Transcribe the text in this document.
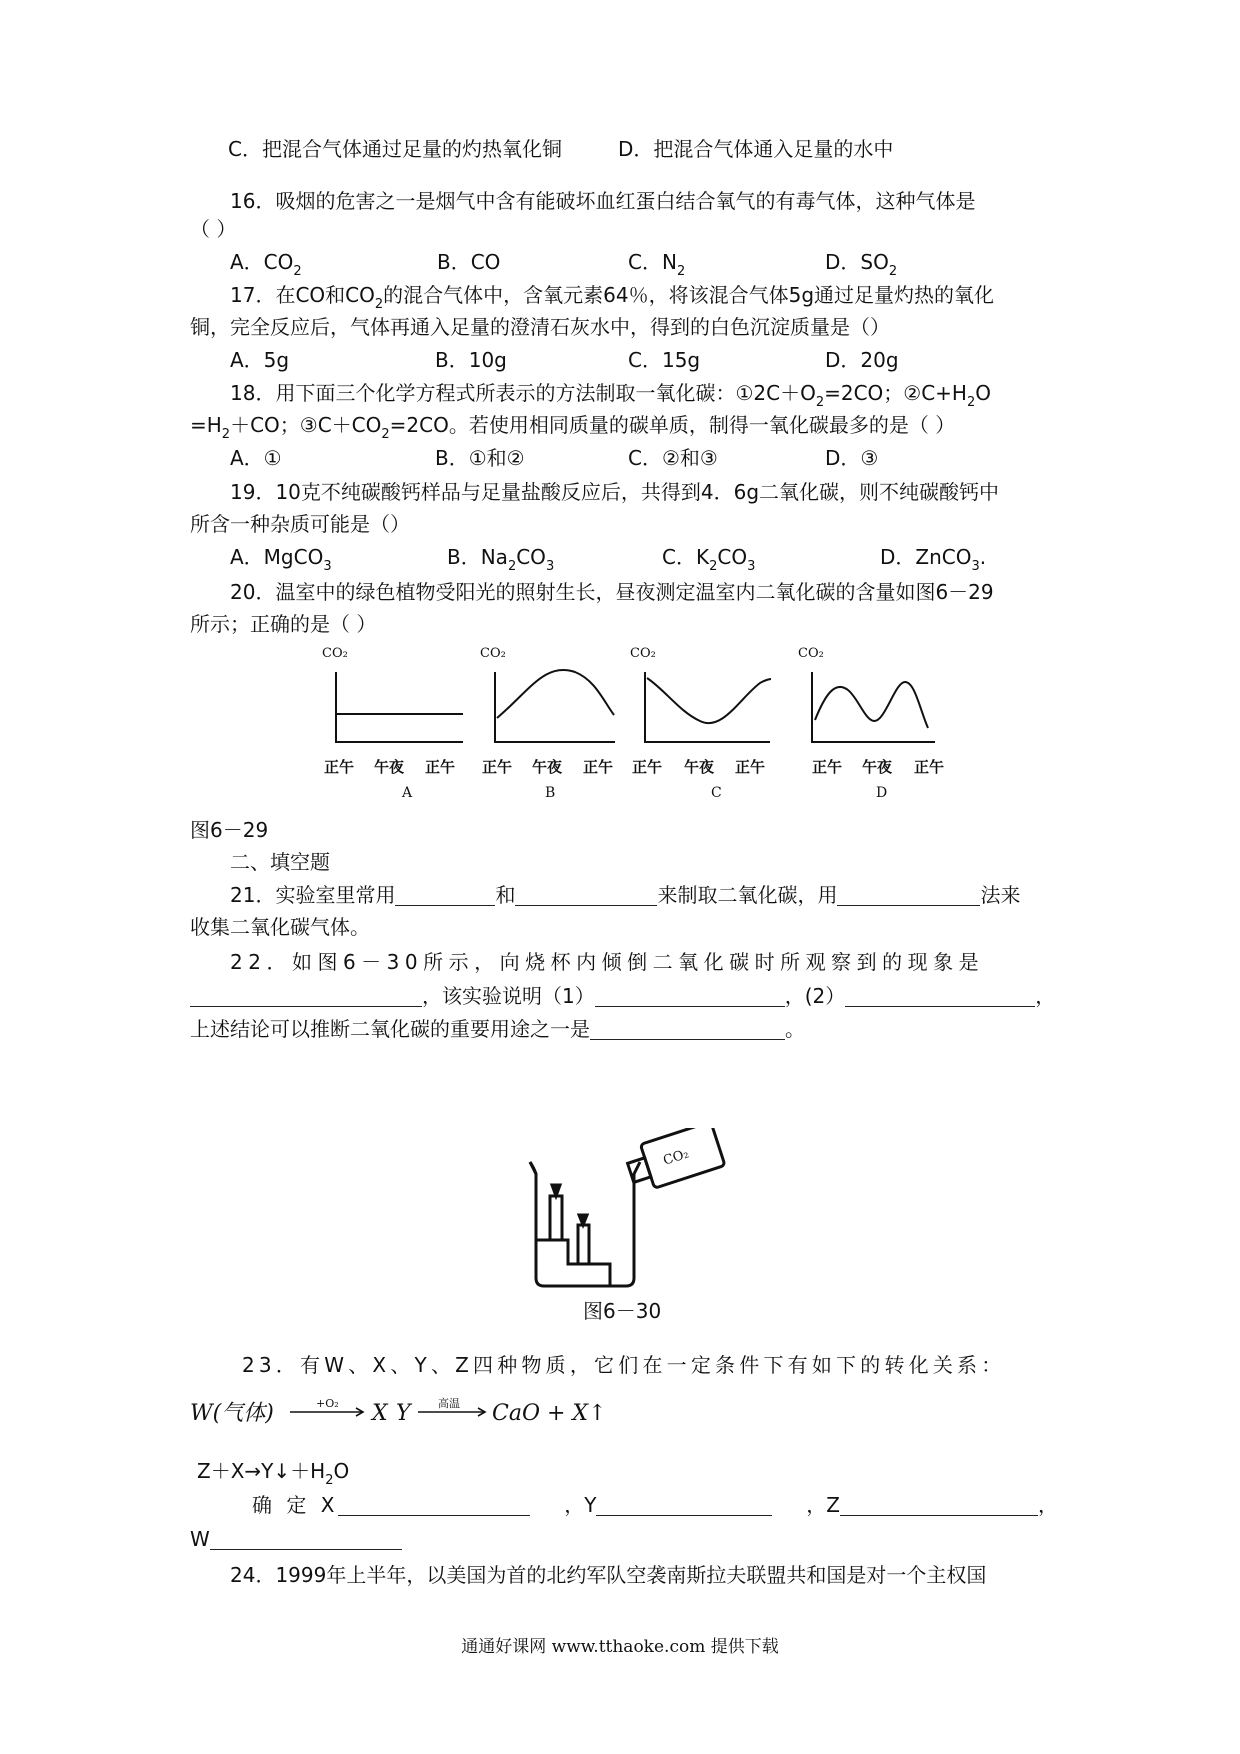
C．把混合气体通过足量的灼热氧化铜	D．把混合气体通入足量的水中
16．吸烟的危害之一是烟气中含有能破坏血红蛋白结合氧气的有毒气体，这种气体是
（ ）
A．$CO_2$	B．CO	C．$N_2$	D．$SO_2$
17．在CO和$CO_2$的混合气体中，含氧元素64％，将该混合气体5g通过足量灼热的氧化
铜，完全反应后，气体再通入足量的澄清石灰水中，得到的白色沉淀质量是（）
A．5g	B．10g	C．15g	D．20g
18．用下面三个化学方程式所表示的方法制取一氧化碳：$①2C+O_2=2CO$；$②C+H_2O$
$=H_2+CO$；$③C+CO_2=2CO$。若使用相同质量的碳单质，制得一氧化碳最多的是（ ）
A．①	B．①和②	C．②和③	D．③
19．10克不纯碳酸钙样品与足量盐酸反应后，共得到4．6g二氧化碳，则不纯碳酸钙中
所含一种杂质可能是（）
A．MgCO$_3$	B．$Na_2CO_3$	C．$K_2CO_3$	D．ZnCO$_3$.
20．温室中的绿色植物受阳光的照射生长，昼夜测定温室内二氧化碳的含量如图6－29
所示；正确的是（ ）
CO₂	CO₂	CO₂	CO₂
正午 午夜 正午 正午 午夜 正午 正午 午夜 正午	正午 午夜 正午
A	B	C	D
图6－29
二、填空题
21．实验室里常用	和	来制取二氧化碳，用	法来
收集二氧化碳气体。
22．如图6－30所示，向烧杯内倾倒二氧化碳时所观察到的现象是
，该实验说明（1）	，(2）	，
上述结论可以推断二氧化碳的重要用途之一是	。
CO₂
图6－30
23．有W、X、Y、Z四种物质，它们在一定条件下有如下的转化关系：
W(气体)	X Y	CaO + X↑
+O₂	高温
$Z+X\to Y↓+H_2O$
确 定 X	，Y	，Z	，
W
24．1999年上半年，以美国为首的北约军队空袭南斯拉夫联盟共和国是对一个主权国
通通好课网 www.tthaoke.com 提供下载
